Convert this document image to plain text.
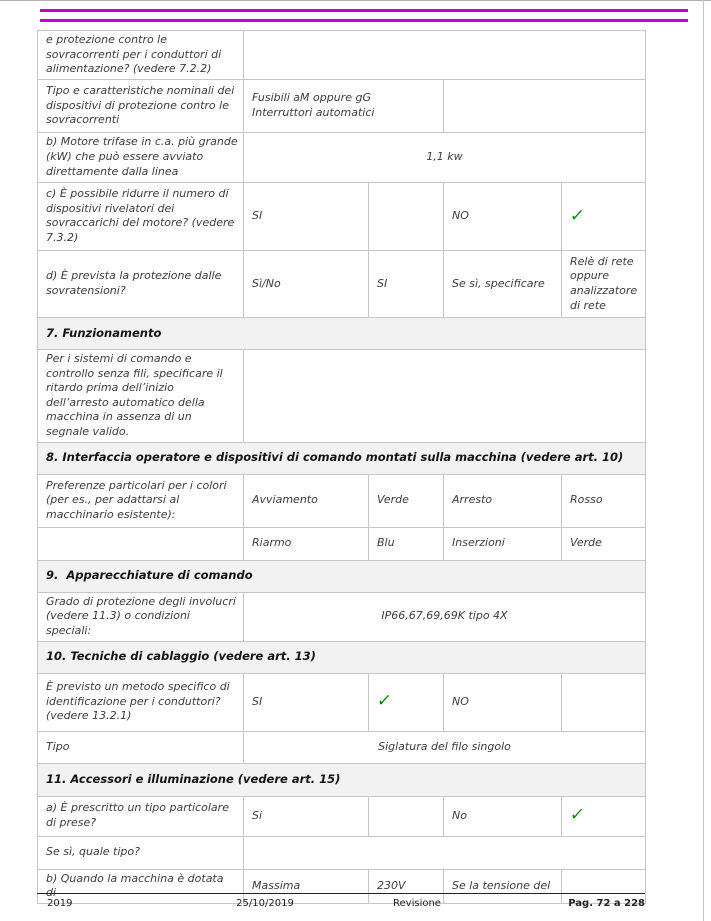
e protezione contro le sovracorrenti per i conduttori di alimentazione? (vedere 7.2.2)				
Tipo e caratteristiche nominali dei dispositivi di protezione contro le sovracorrenti	Fusibili aM oppure gG
Interruttori automatici			

b) Motore trifase in c.a. più grande (kW) che può essere avviato direttamente dalla linea	1,1 kw			
c) È possibile ridurre il numero di dispositivi rivelatori dei sovraccarichi del motore? (vedere 7.3.2)	SI		NO	✓
d) È prevista la protezione dalle sovratensioni?	Sì/No	SI	Se sì, specificare	Relè di rete oppure analizzatore di rete
7. Funzionamento				
Per i sistemi di comando e controllo senza fili, specificare il ritardo prima dell’inizio dell’arresto automatico della macchina in assenza di un segnale valido.				
8. Interfaccia operatore e dispositivi di comando montati sulla macchina (vedere art. 10)				
Preferenze particolari per i colori (per es., per adattarsi al macchinario esistente):	Avviamento	Verde	Arresto	Rosso
	Riarmo	Blu	Inserzioni	Verde
9.  Apparecchiature di comando				
Grado di protezione degli involucri (vedere 11.3) o condizioni speciali:	IP66,67,69,69K tipo 4X			
10. Tecniche di cablaggio (vedere art. 13)				
È previsto un metodo specifico di identificazione per i conduttori? (vedere 13.2.1)	SI	✓	NO	
Tipo	Siglatura del filo singolo			
11. Accessori e illuminazione (vedere art. 15)				
a) È prescritto un tipo particolare di prese?	Si		No	✓
Se sì, quale tipo?				
b) Quando la macchina è dotata di	Massima	230V	Se la tensione del	
2019	25/10/2019	Revisione	Pag. 72 a 228
